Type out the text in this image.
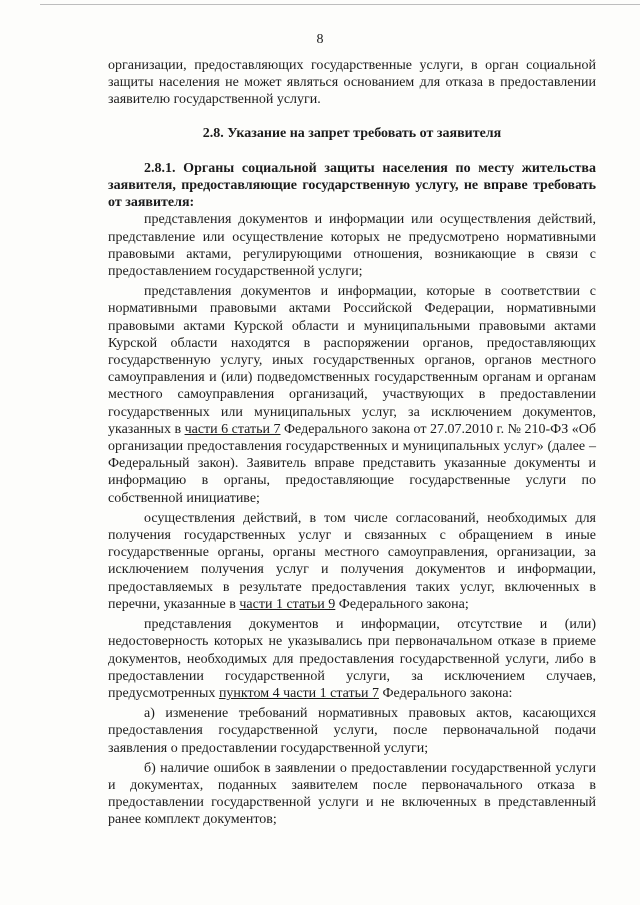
8

организации, предоставляющих государственные услуги, в орган социальной защиты населения не может являться основанием для отказа в предоставлении заявителю государственной услуги.

2.8. Указание на запрет требовать от заявителя

2.8.1. Органы социальной защиты населения по месту жительства заявителя, предоставляющие государственную услугу, не вправе требовать от заявителя:

представления документов и информации или осуществления действий, представление или осуществление которых не предусмотрено нормативными правовыми актами, регулирующими отношения, возникающие в связи с предоставлением государственной услуги;

представления документов и информации, которые в соответствии с нормативными правовыми актами Российской Федерации, нормативными правовыми актами Курской области и муниципальными правовыми актами Курской области находятся в распоряжении органов, предоставляющих государственную услугу, иных государственных органов, органов местного самоуправления и (или) подведомственных государственным органам и органам местного самоуправления организаций, участвующих в предоставлении государственных или муниципальных услуг, за исключением документов, указанных в части 6 статьи 7 Федерального закона от 27.07.2010 г. № 210-ФЗ «Об организации предоставления государственных и муниципальных услуг» (далее – Федеральный закон). Заявитель вправе представить указанные документы и информацию в органы, предоставляющие государственные услуги по собственной инициативе;

осуществления действий, в том числе согласований, необходимых для получения государственных услуг и связанных с обращением в иные государственные органы, органы местного самоуправления, организации, за исключением получения услуг и получения документов и информации, предоставляемых в результате предоставления таких услуг, включенных в перечни, указанные в части 1 статьи 9 Федерального закона;

представления документов и информации, отсутствие и (или) недостоверность которых не указывались при первоначальном отказе в приеме документов, необходимых для предоставления государственной услуги, либо в предоставлении государственной услуги, за исключением случаев, предусмотренных пунктом 4 части 1 статьи 7 Федерального закона:

а) изменение требований нормативных правовых актов, касающихся предоставления государственной услуги, после первоначальной подачи заявления о предоставлении государственной услуги;

б) наличие ошибок в заявлении о предоставлении государственной услуги и документах, поданных заявителем после первоначального отказа в предоставлении государственной услуги и не включенных в представленный ранее комплект документов;
